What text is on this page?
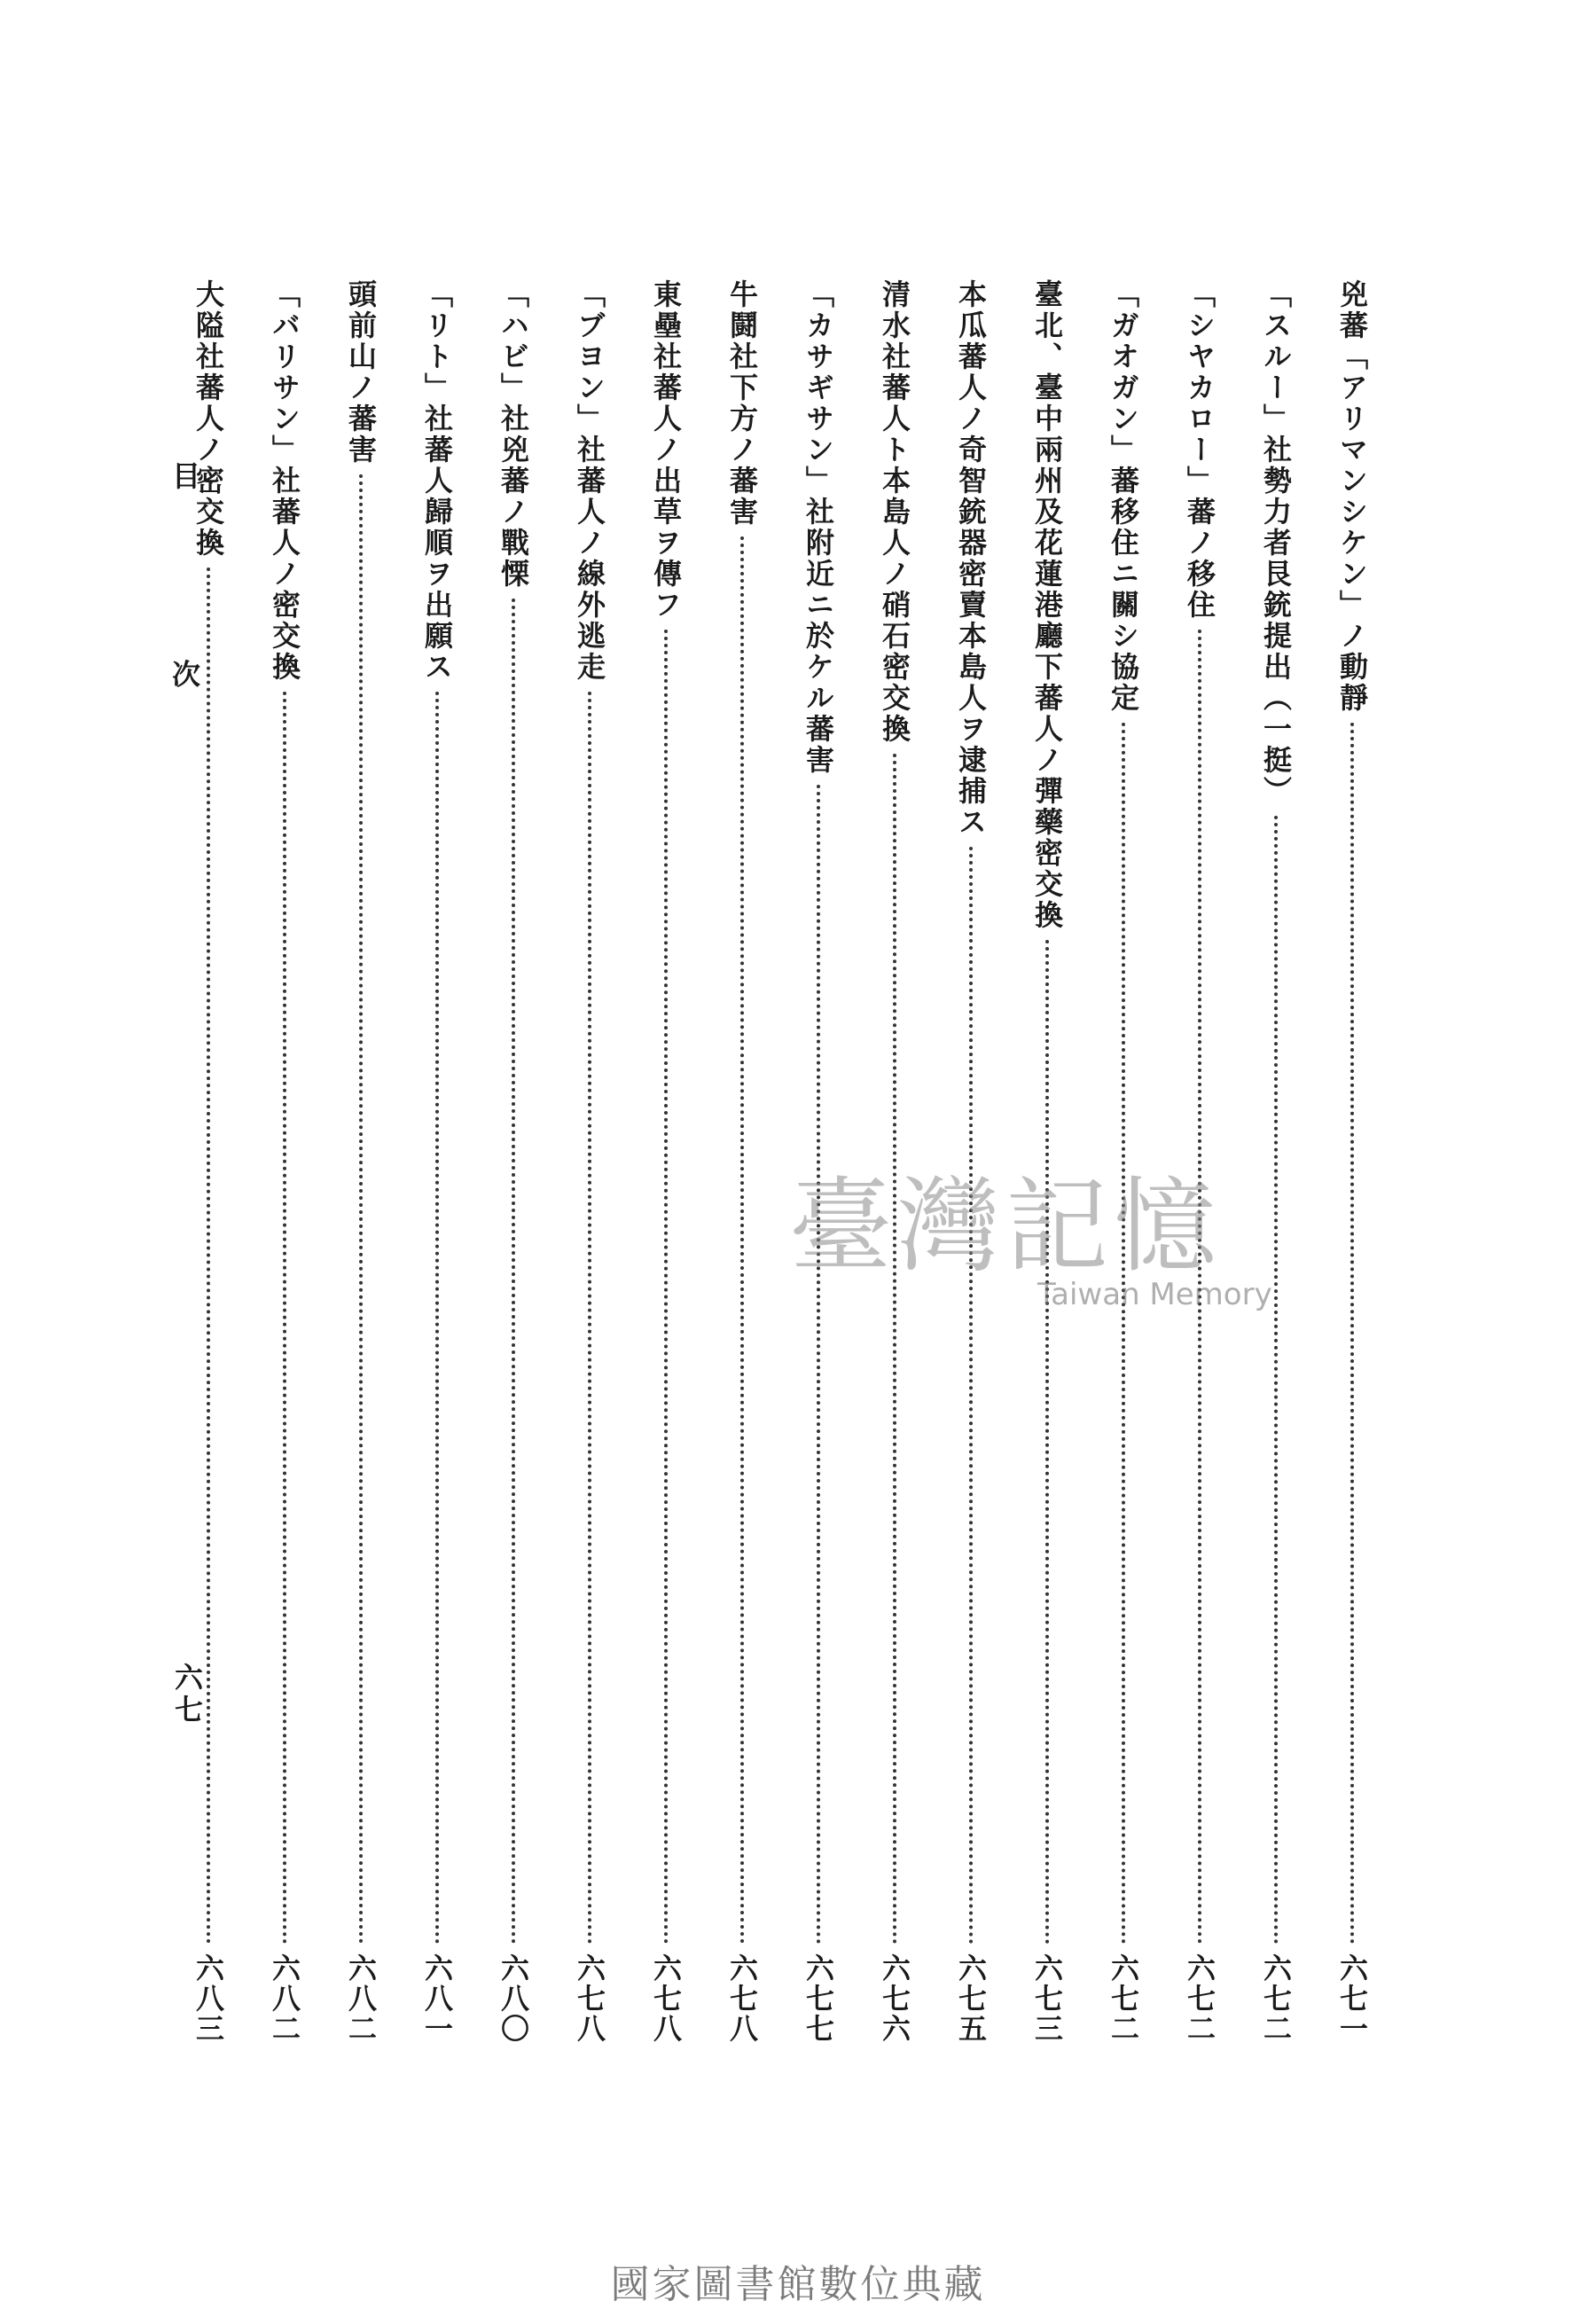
兇蕃「アリマンシケン」ノ動靜
六七一
「スルー」社勢力者艮銃提出（一挺）
六七二
「シヤカロー」蕃ノ移住
六七二
「ガオガン」蕃移住ニ關シ協定
六七二
臺北、臺中兩州及花蓮港廳下蕃人ノ彈藥密交換
六七三
本瓜蕃人ノ奇智銃器密賣本島人ヲ逮捕ス
六七五
清水社蕃人ト本島人ノ硝石密交換
六七六
「カサギサン」社附近ニ於ケル蕃害
六七七
牛鬪社下方ノ蕃害
六七八
東壘社蕃人ノ出草ヲ傳フ
六七八
「ブヨン」社蕃人ノ線外逃走
六七八
「ハビ」社兇蕃ノ戰慄
六八〇
「リト」社蕃人歸順ヲ出願ス
六八一
頭前山ノ蕃害
六八二
「バリサン」社蕃人ノ密交換
六八二
大隘社蕃人ノ密交換
六八三
目 次
六七
臺灣記憶
Taiwan Memory
國家圖書館數位典藏
